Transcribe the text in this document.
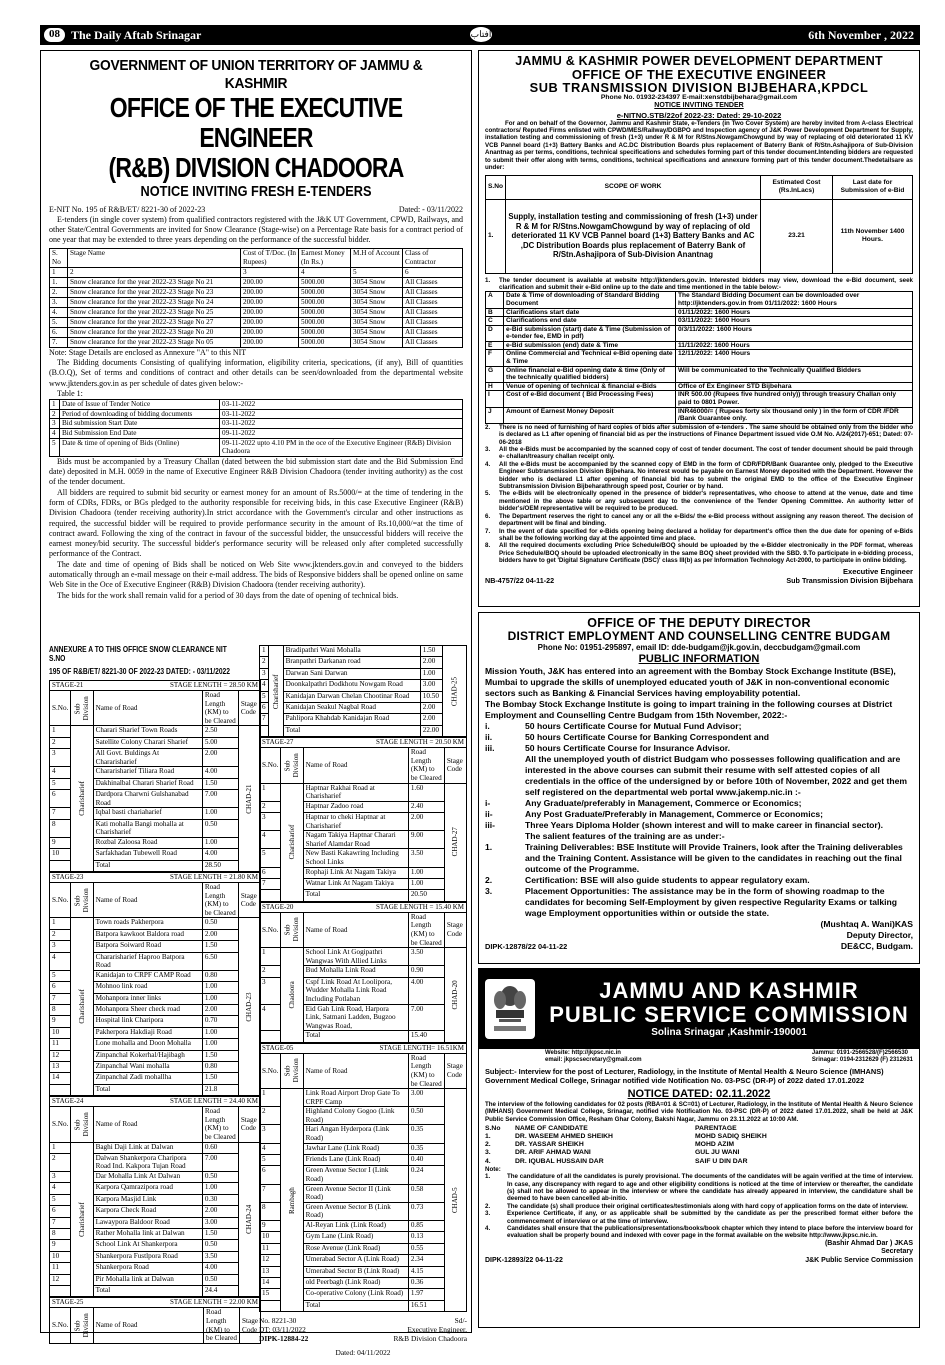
08 The Daily Aftab Srinagar	6th November , 2022
آفتاب
GOVERNMENT OF UNION TERRITORY OF JAMMU & KASHMIR
OFFICE OF THE EXECUTIVE ENGINEER
(R&B) DIVISION CHADOORA
NOTICE INVITING FRESH E-TENDERS
E-NIT No. 195 of R&B/ET/ 8221-30 of 2022-23	Dated: - 03/11/2022
E-tenders (in single cover system) from qualified contractors registered with the J&K UT Government, CPWD, Railways, and other State/Central Governments are invited for Snow Clearance (Stage-wise) on a Percentage Rate basis for a contract period of one year that may be extended to three years depending on the performance of the successful bidder.
S. No	Stage Name	Cost of T/Doc. (In Rupees)	Earnest Money (In Rs.)	M.H of Account	Class of Contractor
1	2	3	4	5	6
1.	Snow clearance for the year 2022-23 Stage No 21	200.00	5000.00	3054 Snow	All Classes
2.	Snow clearance for the year 2022-23 Stage No 23	200.00	5000.00	3054 Snow	All Classes
3.	Snow clearance for the year 2022-23 Stage No 24	200.00	5000.00	3054 Snow	All Classes
4.	Snow clearance for the year 2022-23 Stage No 25	200.00	5000.00	3054 Snow	All Classes
5.	Snow clearance for the year 2022-23 Stage No 27	200.00	5000.00	3054 Snow	All Classes
6.	Snow clearance for the year 2022-23 Stage No 20	200.00	5000.00	3054 Snow	All Classes
7.	Snow clearance for the year 2022-23 Stage No 05	200.00	5000.00	3054 Snow	All Classes
Note: Stage Details are enclosed as Annexure "A" to this NIT
The Bidding documents Consisting of qualifying information, eligibility criteria, specications, (if any), Bill of quantities (B.O.Q), Set of terms and conditions of contract and other details can be seen/downloaded from the departmental website www.jktenders.gov.in as per schedule of dates given below:-
Table 1:
1	Date of Issue of Tender Notice	03-11-2022
2	Period of downloading of bidding documents	03-11-2022
3	Bid submission Start Date	03-11-2022
4	Bid Submission End Date	09-11-2022
5	Date & time of opening of Bids (Online)	09-11-2022 upto 4.10 PM in the oce of the Executive Engineer (R&B) Division Chadoora
Bids must be accompanied by a Treasury Challan (dated between the bid submission start date and the Bid Submission End date) deposited in M.H. 0059 in the name of Executive Engineer R&B Division Chadoora (tender inviting authority) as the cost of the tender document.
All bidders are required to submit bid security or earnest money for an amount of Rs.5000/= at the time of tendering in the form of CDRs, FDRs, or BGs pledged to the authority responsible for receiving bids, in this case Executive Engineer (R&B) Division Chadoora (tender receiving authority).In strict accordance with the Government's circular and other instructions as required, the successful bidder will be required to provide performance security in the amount of Rs.10,000/=at the time of contract award. Following the xing of the contract in favour of the successful bidder, the unsuccessful bidders will receive the earnest money/bid security. The successful bidder's performance security will be released only after completed successfully performance of the Contract.
The date and time of opening of Bids shall be noticed on Web Site www.jktenders.gov.in and conveyed to the bidders automatically through an e-mail message on their e-mail address. The bids of Responsive bidders shall be opened online on same Web Site in the Oce of Executive Engineer (R&B) Division Chadoora (tender receiving authority).
The bids for the work shall remain valid for a period of 30 days from the date of opening of technical bids.
ANNEXURE A TO THIS OFFICE SNOW CLEARANCE NIT S.NO
195 OF R&B/ET/ 8221-30 OF 2022-23 DATED: - 03/11/2022
STAGE-21	STAGE LENGTH = 28.50 KM
S.No.	Sub Division	Name of Road	Road Length (KM) to be Cleared	Stage Code
1	Charisharief	Charari Sharief Town Roads	2.50	CHAD-21
2		Satellite Colony Charari Sharief	5.00	
3		All Govt. Buldings At Chararisharief	2.00	
4		Chararisharief Tiliara Road	4.00	
5		Dakhinalbal Charari Sharief Road	1.50	
6		Dardpora Charwni Gulshanabad Road	7.00	
7		Iqbal basti chariaharief	1.00	
8		Kati mohalla Bangi mohalla at Charisharief	0.50	
9		Rozbal Zaloosa Road	1.00	
10		Sarfakhadan Tubewell Road	4.00	
		Total	28.50	
STAGE-23	STAGE LENGTH = 21.80 KM
S.No.	Sub Division	Name of Road	Road Length (KM) to be Cleared	Stage Code
1	Charisharief	Town roads Pakherpora	0.50	CHAD-23
2		Batpora kawkoot Baldora road	2.00	
3		Batpora Soiward Road	1.50	
4		Chararisharief Haproo Batpora Road	6.50	
5		Kanidajan to CRPF CAMP Road	0.80	
6		Mohnoo link road	1.00	
7		Mohanpora inner links	1.00	
8		Mohanpora Sheer check road	2.00	
9		Hospital link Charipora	0.70	
10		Pakherpora Hakdiaji Road	1.00	
11		Lone mohalla and Doon Mohalla	1.00	
12		Zinpanchal Kokerhal/Hajibagh	1.50	
13		Zinpanchal Wani mohalla	0.80	
14		Zinpanchal Zadi mohallha	1.50	
		Total	21.8	
STAGE-24	STAGE LENGTH = 24.40 KM
S.No.	Sub Division	Name of Road	Road Length (KM) to be Cleared	Stage Code
1	Charisharief	Baghi Daji Link at Dalwan	0.60	CHAD-24
2		Dalwan Shankerpora Charipora Road Ind. Kakpora Tujan Road	7.00	
3		Dar Mohalla Link At Dalwan	0.50	
4		Karpora Qamrazipora road	1.00	
5		Karpora Masjid Link	0.30	
6		Karpora Check Road	2.00	
7		Lawaypora Baldoor Road	3.00	
8		Rather Mohalla link at Dalwan	1.50	
9		School Link At Shankerpora	0.50	
10		Shankerpora Fustlpora Road	3.50	
11		Shankerpora Road	4.00	
12		Pir Mohalla link at Dalwan	0.50	
		Total	24.4	
STAGE-25	STAGE LENGTH = 22.00 KM
S.No.	Sub Division	Name of Road	Road Length (KM) to be Cleared	Stage Code
1	Charisharief	Bradipathri Wani Mohalla	1.50	CHAD-25
2		Branpathri Darkanan road	2.00	
3		Darwan Sani Darwan	1.00	
4		Doonkalpathri Dodkhotu Nowgam Road	3.00	
5		Kanidajan Darwan Chelan Chootinar Road	10.50	
6		Kanidajan Seakul Nagbal Road	2.00	
7		Pahlipora Khahdab Kanidajan Road	2.00	
		Total	22.00	
STAGE-27	STAGE LENGTH = 20.50 KM
S.No.	Sub Division	Name of Road	Road Length (KM) to be Cleared	Stage Code
1	Charisharief	Haptnar Rakhai Road at Charisharief	1.60	CHAD-27
2		Haptnar Zadoo road	2.40	
3		Haptnar to cheki Haptnar at Charisharief	2.00	
4		Nagam Takiya Haptnar Charari Sharief Alamdar Road	9.00	
5		New Basti Kakawring Including School Links	3.50	
6		Rophaji Link At Nagam Takiya	1.00	
7		Watnar Link At Nagam Takiya	1.00	
		Total	20.50	
STAGE-20	STAGE LENGTH = 15.40 KM
S.No.	Sub Division	Name of Road	Road Length (KM) to be Cleared	Stage Code
1	Chadoora	School Link At Gogipathri Wangwas With Allied Links	3.50	CHAD-20
2		Bud Mohalla Link Road	0.90	
3		Cspf Link Road At Loolipora, Wudder Mohalla Link Road Including Potlaban	4.00	
4		Eid Gah Link Road, Harpora Link, Satmani Ladden, Bugzoo Wangwas Road,	7.00	
		Total	15.40	
STAGE-05	STAGE LENGTH= 16.51KM
S.No.	Sub Division	Name of Road	Road Length (KM) to be Cleared	Stage Code
1	Rambagh	Link Road Airport Drop Gate To CRPF Camp	3.00	CHAD-5
2		Highland Colony Gogoo (Link Road)	0.50	
3		Hari Angan Hyderpora (Link Road)	0.35	
4		Jawhar Lane (Link Road)	0.35	
5		Friends Lane (Link Road)	0.40	
6		Green Avenue Sector I (Link Road)	0.24	
7		Green Avenue Sector II (Link Road)	0.58	
8		Green Avenue Sector B (Link Road)	0.73	
9		Al-Reyan Link (Link Road)	0.85	
10		Gym Lane (Link Road)	0.13	
11		Rose Avenue (Link Road)	0.55	
12		Umerabad Sector A (Link Road)	2.34	
13		Umerabad Sector B (Link Road)	4.15	
14		old Peerbagh (Link Road)	0.36	
15		Co-operative Colony (Link Road)	1.97	
		Total	16.51	
No. 8221-30
DT: 03/11/2022
DIPK-12884-22
Sd/-
Executive Engineer,
R&B Division Chadoora
Dated: 04/11/2022
JAMMU & KASHMIR POWER DEVELOPMENT DEPARTMENT
OFFICE OF THE EXECUTIVE ENGINEER
SUB TRANSMISSION DIVISION BIJBEHARA,KPDCL
Phone No. 01932-234397 E-mail:xenstdbijbehara@gmail.com
NOTICE INVITING TENDER
e-NITNO.STB/22of 2022-23: Dated: 29-10-2022
For and on behalf of the Governor, Jammu and Kashmir State, e-Tenders (in Two Cover System) are hereby invited from A-class Electrical contractors/ Reputed Firms enlisted with CPWD/MES/Railway/DGBPO and Inspection agency of J&K Power Development Department for Supply, installation testing and commissioning of fresh (1+3) under R & M for R/Stns.NowgamChowgund by way of replacing of old deteriorated 11 KV VCB Pannel board (1+3) Battery Banks and AC.DC Distribution Boards plus replacement of Baterry Bank of R/Stn.Ashajipora of Sub-Division Anantnag as per terms, conditions, technical specifications and schedules forming part of this tender document.Intending bidders are requested to submit their offer along with terms, conditions, technical specifications and annexure forming part of this tender document.Thedetailsare as under:
S.No	SCOPE OF WORK	Estimated Cost (Rs.InLacs)	Last date for Submission of e-Bid
1.	Supply, installation testing and commissioning of fresh (1+3) under R & M for R/Stns.NowgamChowgund by way of replacing of old deteriorated 11 KV VCB Pannel board (1+3) Battery Banks and AC ,DC Distribution Boards plus replacement of Baterry Bank of R/Stn.Ashajipora of Sub-Division Anantnag	23.21	11th November 1400 Hours.
1.	The tender document is available at website http://jktenders.gov.in. Interested bidders may view, download the e-Bid document, seek clarification and submit their e-Bid online up to the date and time mentioned in the table below:-
A	Date & Time of downloading of Standard Bidding Document	The Standard Bidding Document can be downloaded over http://jktenders.gov.in from 01/11/2022: 1600 Hours
B	Clarifications start date	01/11/2022: 1600 Hours
C	Clarifications end date	03/11/2022: 1600 Hours
D	e-Bid submission (start) date & Time (Submission of e-tender fee, EMD in pdf)	0/3/11/2022: 1600 Hours
E	e-Bid submission (end) date & Time	11/11/2022: 1600 Hours
F	Online Commercial and Technical e-Bid opening date & Time	12/11/2022: 1400 Hours
G	Online financial e-Bid opening date & time (Only of the technically qualified bidders)	Will be communicated to the Technically Qualified Bidders
H	Venue of opening of technical & financial e-Bids	Office of Ex Engineer STD Bijbehara
I	Cost of e-Bid document ( Bid Processing Fees)	INR 500.00 (Rupees five hundred only)) through treasury Challan only paid to 0801 Power.
J	Amount of Earnest Money Deposit	INR46000/= ( Rupees forty six thousand only ) in the form of CDR /FDR /Bank Guarantee only.
2.	There is no need of furnishing of hard copies of bids after submission of e-tenders . The same should be obtained only from the bidder who is declared as L1 after opening of financial bid as per the instructions of Finance Department issued vide O.M No. A/24(2017)-651; Dated: 07-06-2018
3.	All the e-Bids must be accompanied by the scanned copy of cost of tender document. The cost of tender document should be paid through e- challan/treasury challan receipt only.
4.	All the e-Bids must be accompanied by the scanned copy of EMD in the form of CDR/FDR/Bank Guarantee only, pledged to the Executive Engineer Subtransmission Division Bijbehara. No interest would be payable on Earnest Money deposited with the Department. However the bidder who is declared L1 after opening of financial bid has to submit the original EMD to the office of the Executive Engineer Subtransmission Division Bijbeharathrough speed post, Courier or by hand.
5.	The e-Bids will be electronically opened in the presence of bidder's representatives, who choose to attend at the venue, date and time mentioned in the above table or any subsequent day to the convenience of the Tender Opening Committee. An authority letter of bidder's/OEM representative will be required to be produced.
6.	The Department reserves the right to cancel any or all the e-Bids/ the e-Bid process without assigning any reason thereof. The decision of department will be final and binding.
7.	In the event of date specified for e-Bids opening being declared a holiday for department's office then the due date for opening of e-Bids shall be the following working day at the appointed time and place.
8.	All the required documents excluding Price Schedule/BOQ should be uploaded by the e-Bidder electronically in the PDF format, whereas Price Schedule/BOQ should be uploaded electronically in the same BOQ sheet provided with the SBD. 9.To participate in e-bidding process, bidders have to get 'Digital Signature Certificate (DSC)' class III(b) as per Information Technology Act-2000, to participate in online bidding.
Executive Engineer
NB-4757/22 04-11-22	Sub Transmission Division Bijbehara
OFFICE OF THE DEPUTY DIRECTOR
DISTRICT EMPLOYMENT AND COUNSELLING CENTRE BUDGAM
Phone No: 01951-295897, email ID: dde-budgam@jk.gov.in, deccbudgam@gmail.com
PUBLIC INFORMATION
Mission Youth, J&K has entered into an agreement with the Bombay Stock Exchange Institute (BSE), Mumbai to upgrade the skills of unemployed educated youth of J&K in non-conventional economic sectors such as Banking & Financial Services having employability potential.
The Bombay Stock Exchange Institute is going to impart training in the following courses at District Employment and Counselling Centre Budgam from 15th November, 2022:-
i.	50 hours Certificate Course for Mutual Fund Advisor;
ii.	50 hours Certificate Course for Banking Correspondent and
iii.	50 hours Certificate Course for Insurance Advisor.
All the unemployed youth of district Budgam who possesses following qualification and are interested in the above courses can submit their resume with self attested copies of all credentials in the office of the undersigned by or before 10th of November, 2022 and get them self registered on the departmental web portal www.jakemp.nic.in :-
i-	Any Graduate/preferably in Management, Commerce or Economics;
ii-	Any Post Graduate/Preferably in Management, Commerce or Economics;
iii-	Three Years Diploma Holder (shown interest and will to make career in financial sector).
The salient features of the training are as under:-
1.	Training Deliverables: BSE Institute will Provide Trainers, look after the Training deliverables and the Training Content. Assistance will be given to the candidates in reaching out the final outcome of the Programme.
2.	Certification: BSE will also guide students to appear regulatory exam.
3.	Placement Opportunities: The assistance may be in the form of showing roadmap to the candidates for becoming Self-Employment by given respective Regularity Exams or talking wage Employment opportunities within or outside the state.
(Mushtaq A. Wani)KAS
Deputy Director,
DIPK-12878/22 04-11-22	DE&CC, Budgam.
JAMMU AND KASHMIR
PUBLIC SERVICE COMMISSION
Solina Srinagar ,Kashmir-190001
Website: http://jkpsc.nic.in
email: jkpscsecretary@gmail.com
Jammu: 0191-2566528/(F)2566530
Srinagar: 0194-2312629 (F) 2312631
Subject:- Interview for the post of Lecturer, Radiology, in the Institute of Mental Health & Neuro Science (IMHANS) Government Medical College, Srinagar notified vide Notification No. 03-PSC (DR-P) of 2022 dated 17.01.2022
NOTICE DATED: 02.11.2022
The interview of the following candidates for 02 posts (RBA=01 & SC=01) of Lecturer, Radiology, in the Institute of Mental Health & Neuro Science (IMHANS) Government Medical College, Srinagar, notified vide Notification No. 03-PSC (DR-P) of 2022 dated 17.01.2022, shall be held at J&K Public Service Commission Office, Resham Ghar Colony, Bakshi Nagar, Jammu on 23.11.2022 at 10:00 AM.
S.No	NAME OF CANDIDATE	PARENTAGE
1.	DR. WASEEM AHMED SHEIKH	MOHD SADIQ SHEIKH
2.	DR. YASSAR SHEIKH	MOHD AZIM
3.	DR. ARIF AHMAD WANI	GUL JU WANI
4.	DR. IQUBAL HUSSAIN DAR	SAIF U DIN DAR
Note:
1.	The candidature of all the candidates is purely provisional. The documents of the candidates will be again verified at the time of interview. In case, any discrepancy with regard to age and other eligibility conditions is noticed at the time of interview or thereafter, the candidate (s) shall not be allowed to appear in the interview or where the candidate has already appeared in interview, the candidature shall be deemed to have been cancelled ab-initio.
2.	The candidate (s) shall produce their original certificates/testimonials along with hard copy of application forms on the date of interview.
3.	Experience Certificate, if any, or as applicable shall be submitted by the candidate as per the prescribed format either before the commencement of interview or at the time of interview.
4.	Candidates shall ensure that the publications/presentations/books/book chapter which they intend to place before the interview board for evaluation shall be properly bound and indexed with cover page in the format available on the website http://www.jkpsc.nic.in.
(Bashir Ahmad Dar ) JKAS
Secretary
DIPK-12893/22 04-11-22	J&K Public Service Commission
